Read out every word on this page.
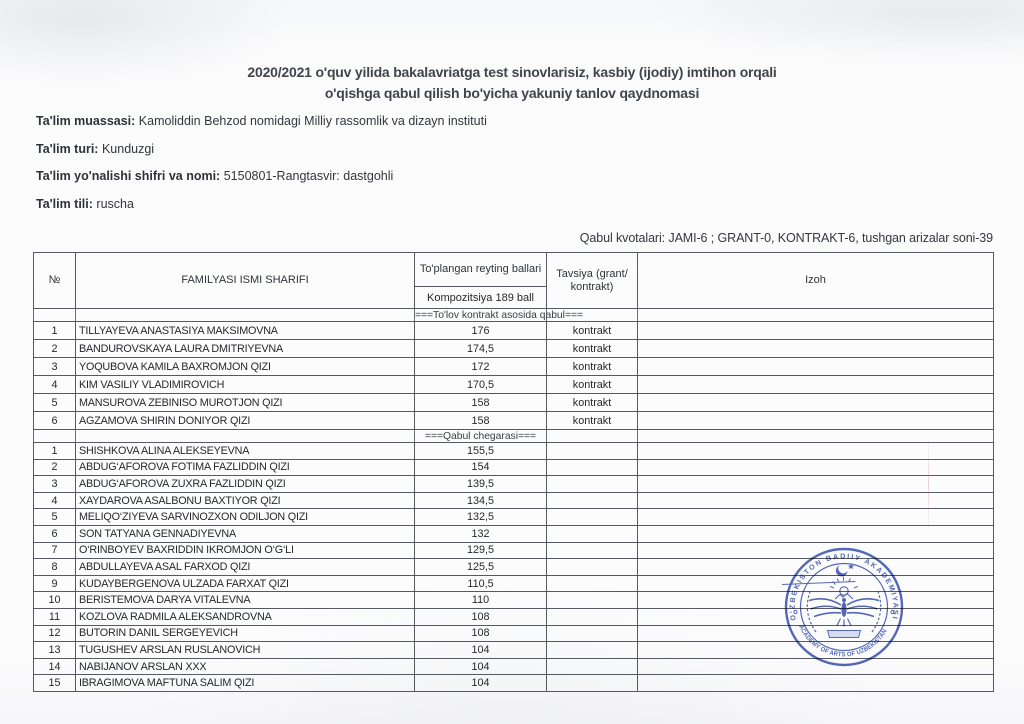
2020/2021 o'quv yilida bakalavriatga test sinovlarisiz, kasbiy (ijodiy) imtihon orqali
o'qishga qabul qilish bo'yicha yakuniy tanlov qaydnomasi
Ta'lim muassasi: Kamoliddin Behzod nomidagi Milliy rassomlik va dizayn instituti
Ta'lim turi: Kunduzgi
Ta'lim yo'nalishi shifri va nomi: 5150801-Rangtasvir: dastgohli
Ta'lim tili: ruscha
Qabul kvotalari: JAMI-6 ; GRANT-0, KONTRAKT-6, tushgan arizalar soni-39
№	FAMILYASI ISMI SHARIFI	To'plangan reyting ballari	Tavsiya (grant/ kontrakt)	Izoh
		Kompozitsiya 189 ball		
		===To'lov kontrakt asosida qabul===		
1	TILLYAYEVA ANASTASIYA MAKSIMOVNA	176	kontrakt	
2	BANDUROVSKAYA LAURA DMITRIYEVNA	174,5	kontrakt	
3	YOQUBOVA KAMILA BAXROMJON QIZI	172	kontrakt	
4	KIM VASILIY VLADIMIROVICH	170,5	kontrakt	
5	MANSUROVA ZEBINISO MUROTJON QIZI	158	kontrakt	
6	AGZAMOVA SHIRIN DONIYOR QIZI	158	kontrakt	
		===Qabul chegarasi===		
1	SHISHKOVA ALINA ALEKSEYEVNA	155,5		
2	ABDUG‘AFOROVA FOTIMA FAZLIDDIN QIZI	154		
3	ABDUG‘AFOROVA ZUXRA FAZLIDDIN QIZI	139,5		
4	XAYDAROVA ASALBONU BAXTIYOR QIZI	134,5		
5	MELIQO‘ZIYEVA SARVINOZXON ODILJON QIZI	132,5		
6	SON TATYANA GENNADIYEVNA	132		
7	O‘RINBOYEV BAXRIDDIN IKROMJON O‘G‘LI	129,5		
8	ABDULLAYEVA ASAL FARXOD QIZI	125,5		
9	KUDAYBERGENOVA ULZADA FARXAT QIZI	110,5		
10	BERISTEMOVA DARYA VITALEVNA	110		
11	KOZLOVA RADMILA ALEKSANDROVNA	108		
12	BUTORIN DANIL SERGEYEVICH	108		
13	TUGUSHEV ARSLAN RUSLANOVICH	104		
14	NABIJANOV ARSLAN XXX	104		
15	IBRAGIMOVA MAFTUNA SALIM QIZI	104		
O‘ZBEKISTON BADIIY AKADEMIYASI
ACADEMY OF ARTS OF UZBEKISTAN
